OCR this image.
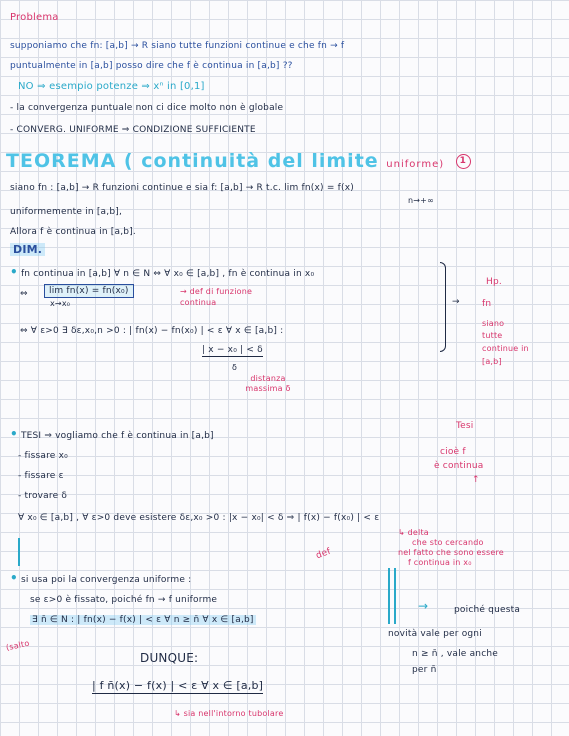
Problema
supponiamo che fn: [a,b] → R siano tutte funzioni continue e che fn → f
puntualmente in [a,b] posso dire che f è continua in [a,b] ??
NO ⇒ esempio potenze ⇒ xⁿ in [0,1]
- la convergenza puntuale non ci dice molto non è globale
- CONVERG. UNIFORME ⇒ CONDIZIONE SUFFICIENTE
TEOREMA ( continuità del limite uniforme) 1
siano fn : [a,b] → R funzioni continue e sia f: [a,b] → R t.c. lim fn(x) = f(x)
n→+∞
uniformemente in [a,b],
Allora f è continua in [a,b].
DIM.
• fn continua in [a,b] ∀ n ∈ N ⇔ ∀ x₀ ∈ [a,b] , fn è continua in x₀
⇔	lim fn(x) = fn(x₀)
x→x₀
→ def di funzione continua
⇔ ∀ ε>0 ∃ δε,x₀,n >0 : | fn(x) − fn(x₀) | < ε ∀ x ∈ [a,b] :
| x − x₀ | < δ
δ
distanza massima δ
→
Hp.
fn
siano
tutte
continue in
[a,b]
Tesi
cioè f
è continua
↑
• TESI ⇒ vogliamo che f è continua in [a,b]
- fissare x₀
- fissare ε
- trovare δ
∀ x₀ ∈ [a,b] , ∀ ε>0 deve esistere δε,x₀ >0 : |x − x₀| < δ ⇒ | f(x) − f(x₀) | < ε
↳ delta
che sto cercando
nel fatto che sono essere
f continua in x₀
def
• si usa poi la convergenza uniforme :
se ε>0 è fissato, poiché fn → f uniforme
∃ n̄ ∈ N : | fn(x) − f(x) | < ε ∀ n ≥ n̄ ∀ x ∈ [a,b]
(salto
→	poiché questa
novità vale per ogni
n ≥ n̄ , vale anche
per n̄
DUNQUE:
| f n̄(x) − f(x) | < ε ∀ x ∈ [a,b]
↳ sia nell'intorno tubolare
